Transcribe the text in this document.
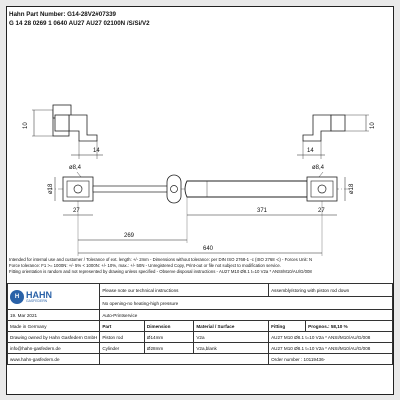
Hahn Part Number: G14-28V2#07339
G 14 28 0269 1 0640 AU27 AU27 02100N /S/Si/V2
10
14
10
14
ø18	ø18
ø8,4	ø8,4
27	27
371
269
640
Intended for internal use and customer / Tolerance of ext. length: +/- 2mm - Dimensions without tolerance: per DIN ISO 2768-1 -c (ISO 2768 -c) - Forces Unit: N
Force tolerance: F1 >= 1000N: +/- 5% < 1000N: +/- 10%, max.: +/- 50N - Unregistered Copy, Print-out or file not subject to modification service.
Fitting orientation is random and not represented by drawing unless specified - Observe disposal instructions - AU27 M10 Ø8.1 t=10 V2a * ANSI/M10/AU/G/008
H HAHN
GASFEDERN	Please note our technical instructions			Assembly/storing with piston rod down	
	No opening-no heating-high pressure				
19. Mar 2021	Auto-Printservice				
Made in Germany	Part	Dimension	Material / Surface	Fitting	Prognos.: 58,10 %
Drawing owned by Hahn Gasfedern GmbH	Piston rod	Ø14mm	V2a	AU27 M10 Ø8.1 t=10 V2a * ANSI/M10/AU/G/008	
info@hahn-gasfedern.de	Cylinder	Ø28mm	V2a,blank	AU27 M10 Ø8.1 t=10 V2a * ANSI/M10/AU/G/008	
www.hahn-gasfedern.de				Order number : 10119436-	
